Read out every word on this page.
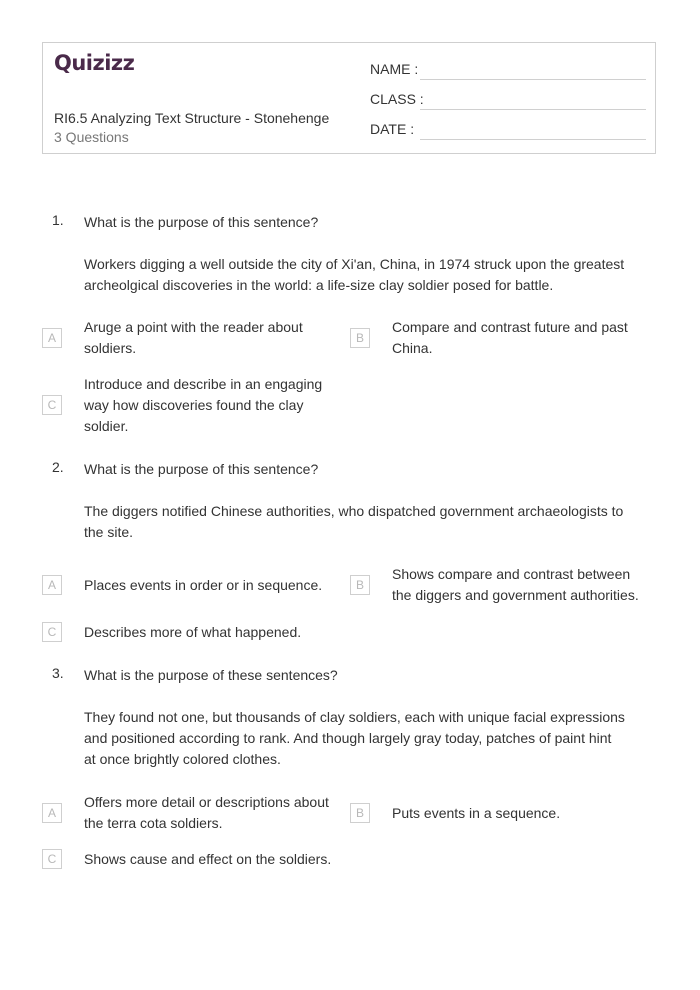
Quizizz
RI6.5 Analyzing Text Structure - Stonehenge
3 Questions
NAME :
CLASS :
DATE :
1. What is the purpose of this sentence?
Workers digging a well outside the city of Xi'an, China, in 1974 struck upon the greatest
archeolgical discoveries in the world: a life-size clay soldier posed for battle.
A
Aruge a point with the reader about
soldiers.
B
Compare and contrast future and past
China.
C
Introduce and describe in an engaging
way how discoveries found the clay
soldier.
2. What is the purpose of this sentence?
The diggers notified Chinese authorities, who dispatched government archaeologists to
the site.
A	Places events in order or in sequence.	B
Shows compare and contrast between
the diggers and government authorities.
C	Describes more of what happened.
3. What is the purpose of these sentences?
They found not one, but thousands of clay soldiers, each with unique facial expressions
and positioned according to rank. And though largely gray today, patches of paint hint
at once brightly colored clothes.
A
Offers more detail or descriptions about
the terra cota soldiers.
B	Puts events in a sequence.
C	Shows cause and effect on the soldiers.
